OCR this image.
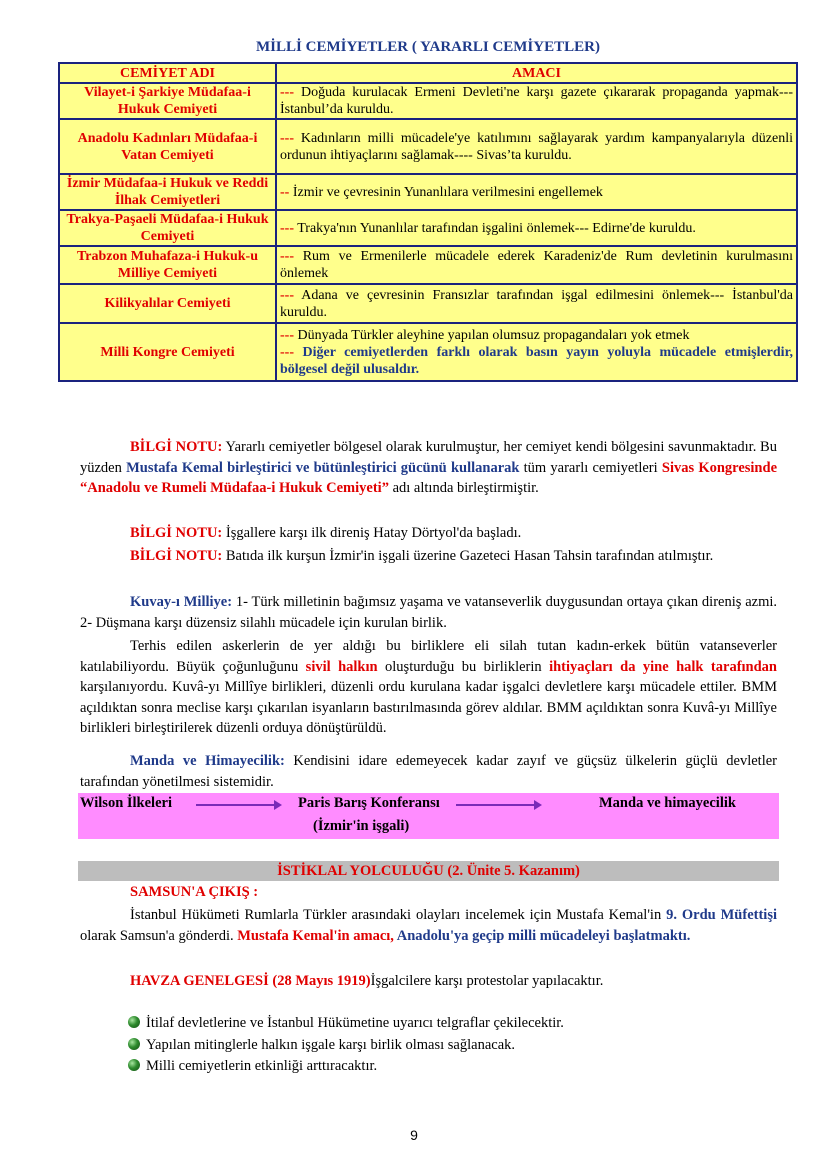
MİLLİ CEMİYETLER ( YARARLI CEMİYETLER)
CEMİYET ADI	AMACI
Vilayet-i Şarkiye Müdafaa-i Hukuk Cemiyeti	--- Doğuda kurulacak Ermeni Devleti'ne karşı gazete çıkararak propaganda yapmak--- İstanbul’da kuruldu.
Anadolu Kadınları Müdafaa-i Vatan Cemiyeti	--- Kadınların milli mücadele'ye katılımını sağlayarak yardım kampanyalarıyla düzenli ordunun ihtiyaçlarını sağlamak---- Sivas’ta kuruldu.
İzmir Müdafaa-i Hukuk ve Reddi İlhak Cemiyetleri	-- İzmir ve çevresinin Yunanlılara verilmesini engellemek
Trakya-Paşaeli Müdafaa-i Hukuk Cemiyeti	--- Trakya'nın Yunanlılar tarafından işgalini önlemek--- Edirne'de kuruldu.
Trabzon Muhafaza-i Hukuk-u Milliye Cemiyeti	--- Rum ve Ermenilerle mücadele ederek Karadeniz'de Rum devletinin kurulmasını önlemek
Kilikyalılar Cemiyeti	--- Adana ve çevresinin Fransızlar tarafından işgal edilmesini önlemek--- İstanbul'da kuruldu.
Milli Kongre Cemiyeti	--- Dünyada Türkler aleyhine yapılan olumsuz propagandaları yok etmek
--- Diğer cemiyetlerden farklı olarak basın yayın yoluyla mücadele etmişlerdir, bölgesel değil ulusaldır.
BİLGİ NOTU: Yararlı cemiyetler bölgesel olarak kurulmuştur, her cemiyet kendi bölgesini savunmaktadır. Bu yüzden Mustafa Kemal birleştirici ve bütünleştirici gücünü kullanarak tüm yararlı cemiyetleri Sivas Kongresinde “Anadolu ve Rumeli Müdafaa-i Hukuk Cemiyeti” adı altında birleştirmiştir.
BİLGİ NOTU: İşgallere karşı ilk direniş Hatay Dörtyol'da başladı.
BİLGİ NOTU: Batıda ilk kurşun İzmir'in işgali üzerine Gazeteci Hasan Tahsin tarafından atılmıştır.
Kuvay-ı Milliye: 1- Türk milletinin bağımsız yaşama ve vatanseverlik duygusundan ortaya çıkan direniş azmi. 2- Düşmana karşı düzensiz silahlı mücadele için kurulan birlik.
Terhis edilen askerlerin de yer aldığı bu birliklere eli silah tutan kadın-erkek bütün vatanseverler katılabiliyordu. Büyük çoğunluğunu sivil halkın oluşturduğu bu birliklerin ihtiyaçları da yine halk tarafından karşılanıyordu. Kuvâ-yı Millîye birlikleri, düzenli ordu kurulana kadar işgalci devletlere karşı mücadele ettiler. BMM açıldıktan sonra meclise karşı çıkarılan isyanların bastırılmasında görev aldılar. BMM açıldıktan sonra Kuvâ-yı Millîye birlikleri birleştirilerek düzenli orduya dönüştürüldü.
Manda ve Himayecilik: Kendisini idare edemeyecek kadar zayıf ve güçsüz ülkelerin güçlü devletler tarafından yönetilmesi sistemidir.
Wilson İlkeleri	Paris Barış Konferansı
(İzmir'in işgali)
Manda ve himayecilik
İSTİKLAL YOLCULUĞU (2. Ünite 5. Kazanım)
SAMSUN'A ÇIKIŞ :
İstanbul Hükümeti Rumlarla Türkler arasındaki olayları incelemek için Mustafa Kemal'in 9. Ordu Müfettişi olarak Samsun'a gönderdi. Mustafa Kemal'in amacı, Anadolu'ya geçip milli mücadeleyi başlatmaktı.
HAVZA GENELGESİ (28 Mayıs 1919)İşgalcilere karşı protestolar yapılacaktır.
İtilaf devletlerine ve İstanbul Hükümetine uyarıcı telgraflar çekilecektir.
Yapılan mitinglerle halkın işgale karşı birlik olması sağlanacak.
Milli cemiyetlerin etkinliği arttıracaktır.
9
